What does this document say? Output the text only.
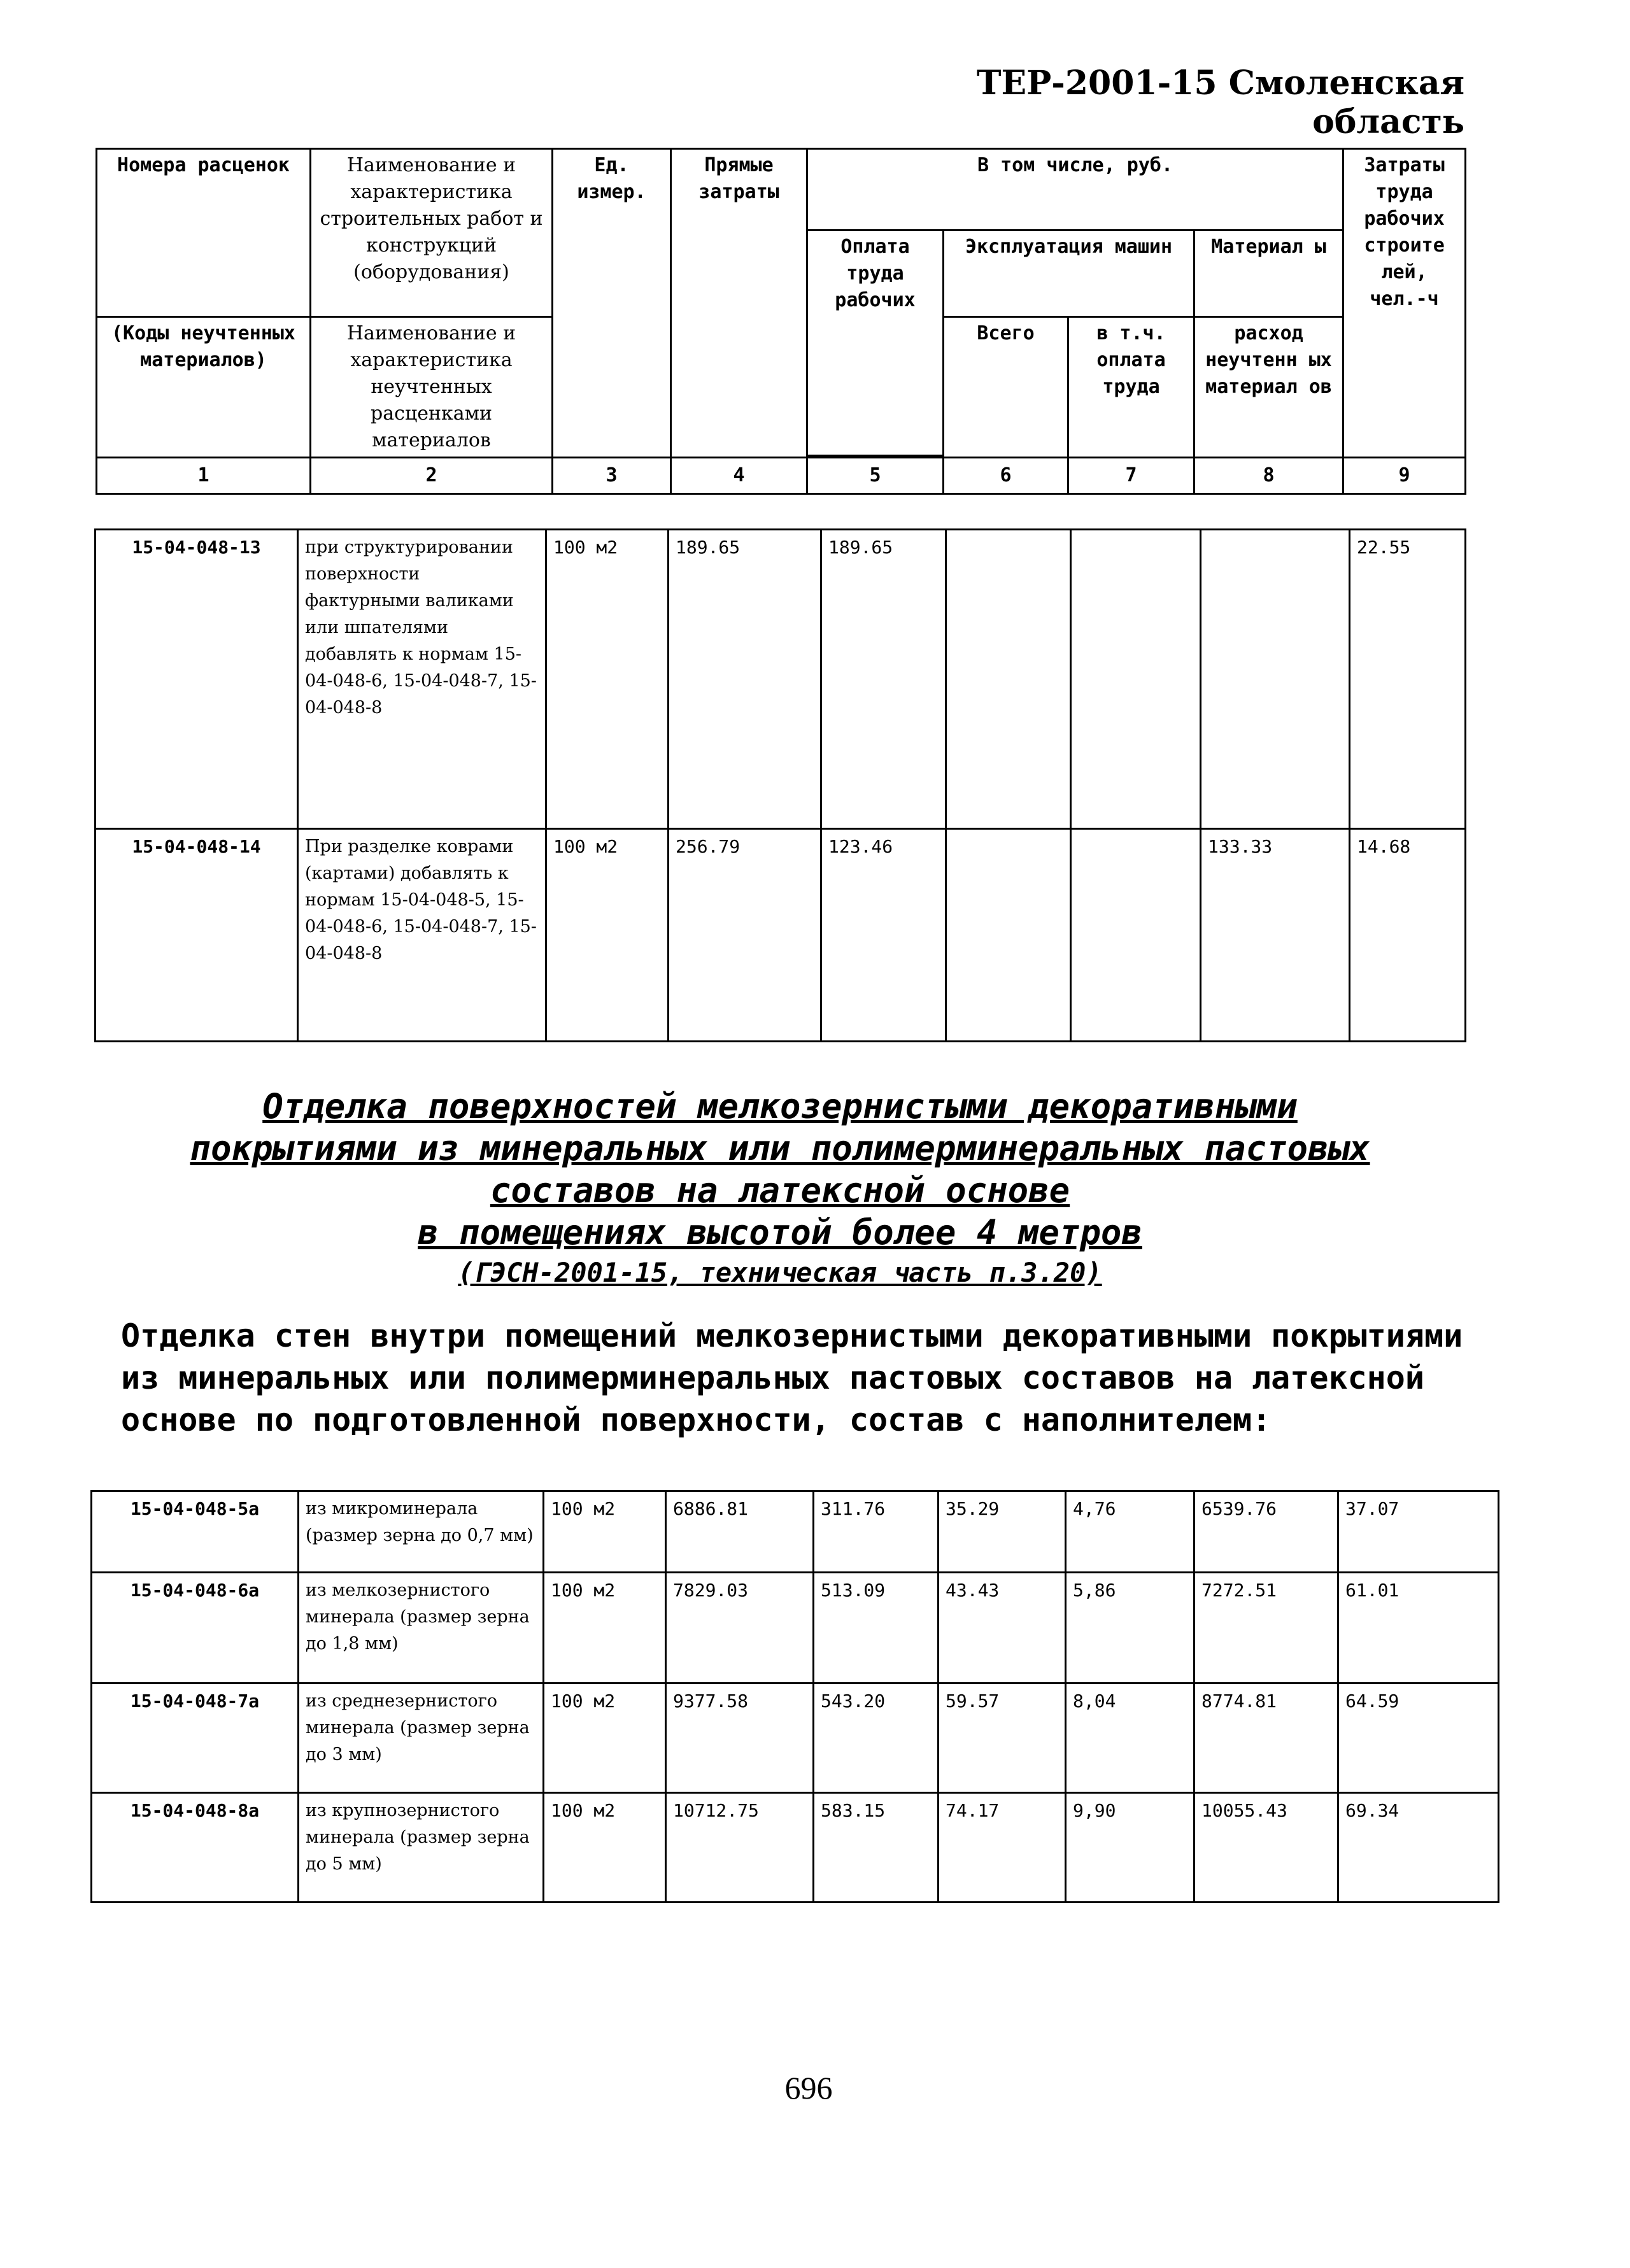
ТЕР-2001-15 Смоленская область
Номера расценок	Наименование и характеристика строительных работ и конструкций (оборудования)	Ед. измер.	Прямые затраты	В том числе, руб.				Затраты труда рабочих строите лей, чел.-ч
				Оплата труда рабочих	Эксплуатация машин		Материал ы	
(Коды неучтенных материалов)	Наименование и характеристика неучтенных расценками материалов				Всего	в т.ч. оплата труда	расход неучтенн ых материал ов	

1	2	3	4	5	6	7	8	9
15-04-048-13	при структурировании поверхности фактурными валиками или шпателями добавлять к нормам 15-04-048-6, 15-04-048-7, 15-04-048-8	100 м2	189.65	189.65				22.55
15-04-048-14	При разделке коврами (картами) добавлять к нормам 15-04-048-5, 15-04-048-6, 15-04-048-7, 15-04-048-8	100 м2	256.79	123.46			133.33	14.68
Отделка поверхностей мелкозернистыми декоративными
покрытиями из минеральных или полимерминеральных пастовых
составов на латексной основе
в помещениях высотой более 4 метров
(ГЭСН-2001-15, техническая часть п.3.20)
Отделка стен внутри помещений мелкозернистыми декоративными покрытиями из минеральных или полимерминеральных пастовых составов на латексной основе по подготовленной поверхности, состав с наполнителем:
15-04-048-5а	из микроминерала (размер зерна до 0,7 мм)	100 м2	6886.81	311.76	35.29	4,76	6539.76	37.07
15-04-048-6а	из мелкозернистого минерала (размер зерна до 1,8 мм)	100 м2	7829.03	513.09	43.43	5,86	7272.51	61.01
15-04-048-7а	из среднезернистого минерала (размер зерна до 3 мм)	100 м2	9377.58	543.20	59.57	8,04	8774.81	64.59
15-04-048-8а	из крупнозернистого минерала (размер зерна до 5 мм)	100 м2	10712.75	583.15	74.17	9,90	10055.43	69.34
696
